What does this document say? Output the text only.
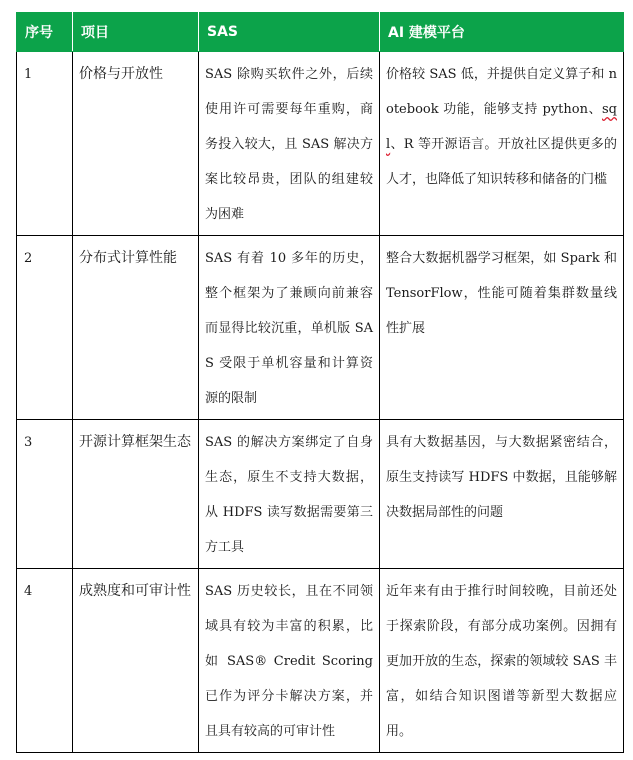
序号	项目	SAS	AI 建模平台
1	价格与开放性	SAS 除购买软件之外，后续使用许可需要每年重购，商务投入较大，且 SAS 解决方案比较昂贵，团队的组建较为困难	价格较 SAS 低，并提供自定义算子和 notebook 功能，能够支持 python、sql、R 等开源语言。开放社区提供更多的人才，也降低了知识转移和储备的门槛
2	分布式计算性能	SAS 有着 10 多年的历史，整个框架为了兼顾向前兼容而显得比较沉重，单机版 SAS 受限于单机容量和计算资源的限制	整合大数据机器学习框架，如 Spark 和 TensorFlow，性能可随着集群数量线性扩展
3	开源计算框架生态	SAS 的解决方案绑定了自身生态，原生不支持大数据，从 HDFS 读写数据需要第三方工具	具有大数据基因，与大数据紧密结合，原生支持读写 HDFS 中数据，且能够解决数据局部性的问题
4	成熟度和可审计性	SAS 历史较长，且在不同领域具有较为丰富的积累，比如 SAS® Credit Scoring 已作为评分卡解决方案，并且具有较高的可审计性	近年来有由于推行时间较晚，目前还处于探索阶段，有部分成功案例。因拥有更加开放的生态，探索的领域较 SAS 丰富，如结合知识图谱等新型大数据应用。
